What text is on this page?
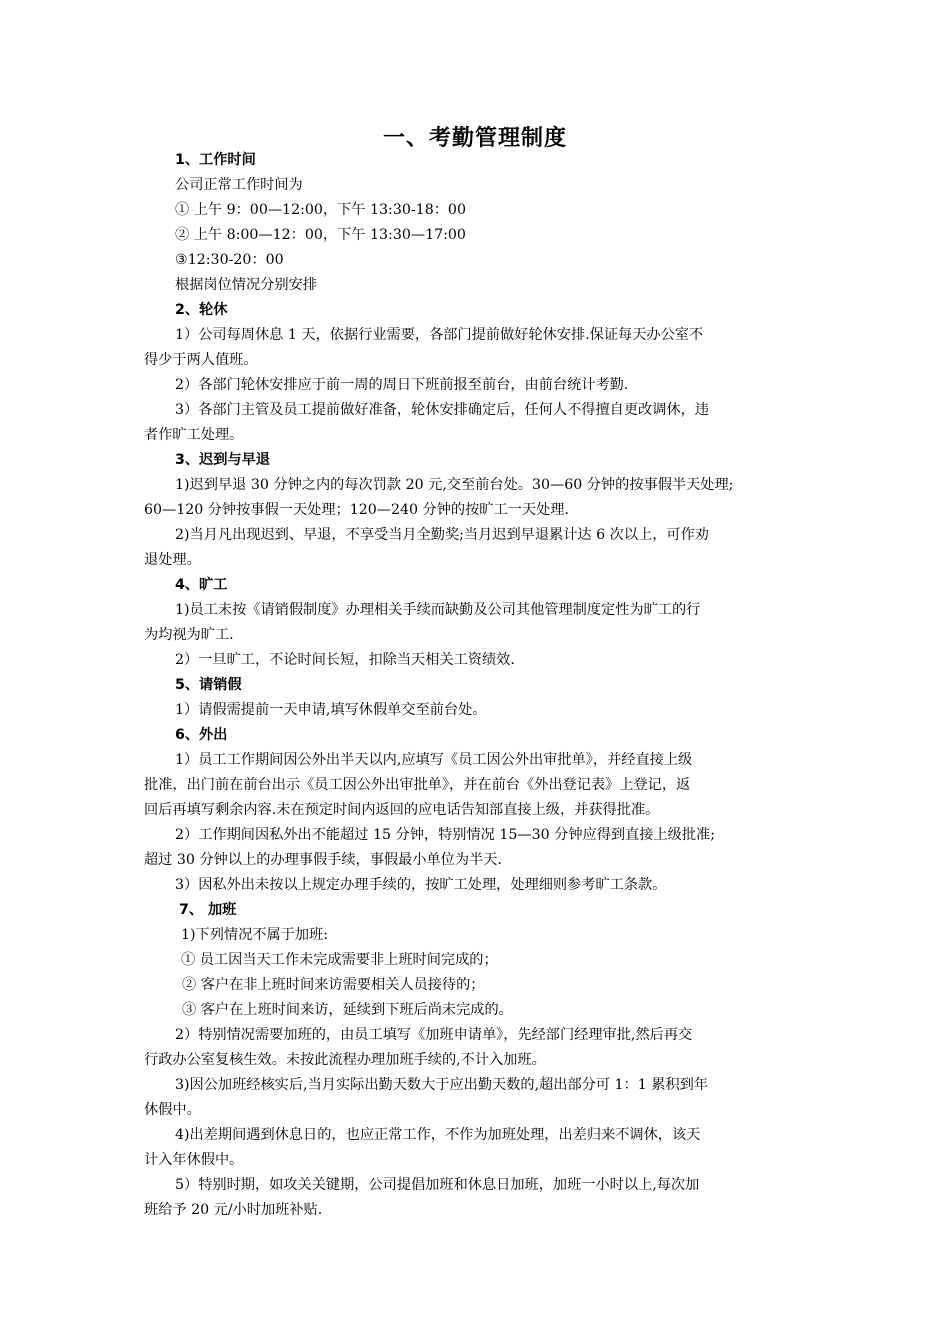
一、考勤管理制度
1、工作时间
公司正常工作时间为
① 上午 9：00—12:00，下午 13:30-18：00
② 上午 8:00—12：00，下午 13:30—17:00
③12:30-20：00
根据岗位情况分别安排
2、轮休
1）公司每周休息 1 天，依据行业需要，各部门提前做好轮休安排.保证每天办公室不
得少于两人值班。
2）各部门轮休安排应于前一周的周日下班前报至前台，由前台统计考勤.
3）各部门主管及员工提前做好准备，轮休安排确定后，任何人不得擅自更改调休，违
者作旷工处理。
3、迟到与早退
1)迟到早退 30 分钟之内的每次罚款 20 元,交至前台处。30—60 分钟的按事假半天处理;
60—120 分钟按事假一天处理；120—240 分钟的按旷工一天处理.
2)当月凡出现迟到、早退，不享受当月全勤奖;当月迟到早退累计达 6 次以上，可作劝
退处理。
4、旷工
1)员工未按《请销假制度》办理相关手续而缺勤及公司其他管理制度定性为旷工的行
为均视为旷工.
2）一旦旷工，不论时间长短，扣除当天相关工资绩效.
5、请销假
1）请假需提前一天申请,填写休假单交至前台处。
6、外出
1）员工工作期间因公外出半天以内,应填写《员工因公外出审批单》，并经直接上级
批准，出门前在前台出示《员工因公外出审批单》，并在前台《外出登记表》上登记，返
回后再填写剩余内容.未在预定时间内返回的应电话告知部直接上级，并获得批准。
2）工作期间因私外出不能超过 15 分钟，特别情况 15—30 分钟应得到直接上级批准;
超过 30 分钟以上的办理事假手续，事假最小单位为半天.
3）因私外出未按以上规定办理手续的，按旷工处理，处理细则参考旷工条款。
7、 加班
1)下列情况不属于加班:
① 员工因当天工作未完成需要非上班时间完成的；
② 客户在非上班时间来访需要相关人员接待的；
③ 客户在上班时间来访，延续到下班后尚未完成的。
2）特别情况需要加班的，由员工填写《加班申请单》，先经部门经理审批,然后再交
行政办公室复核生效。未按此流程办理加班手续的,不计入加班。
3)因公加班经核实后,当月实际出勤天数大于应出勤天数的,超出部分可 1：1 累积到年
休假中。
4)出差期间遇到休息日的，也应正常工作，不作为加班处理，出差归来不调休，该天
计入年休假中。
5）特别时期，如攻关关键期，公司提倡加班和休息日加班，加班一小时以上,每次加
班给予 20 元/小时加班补贴.
